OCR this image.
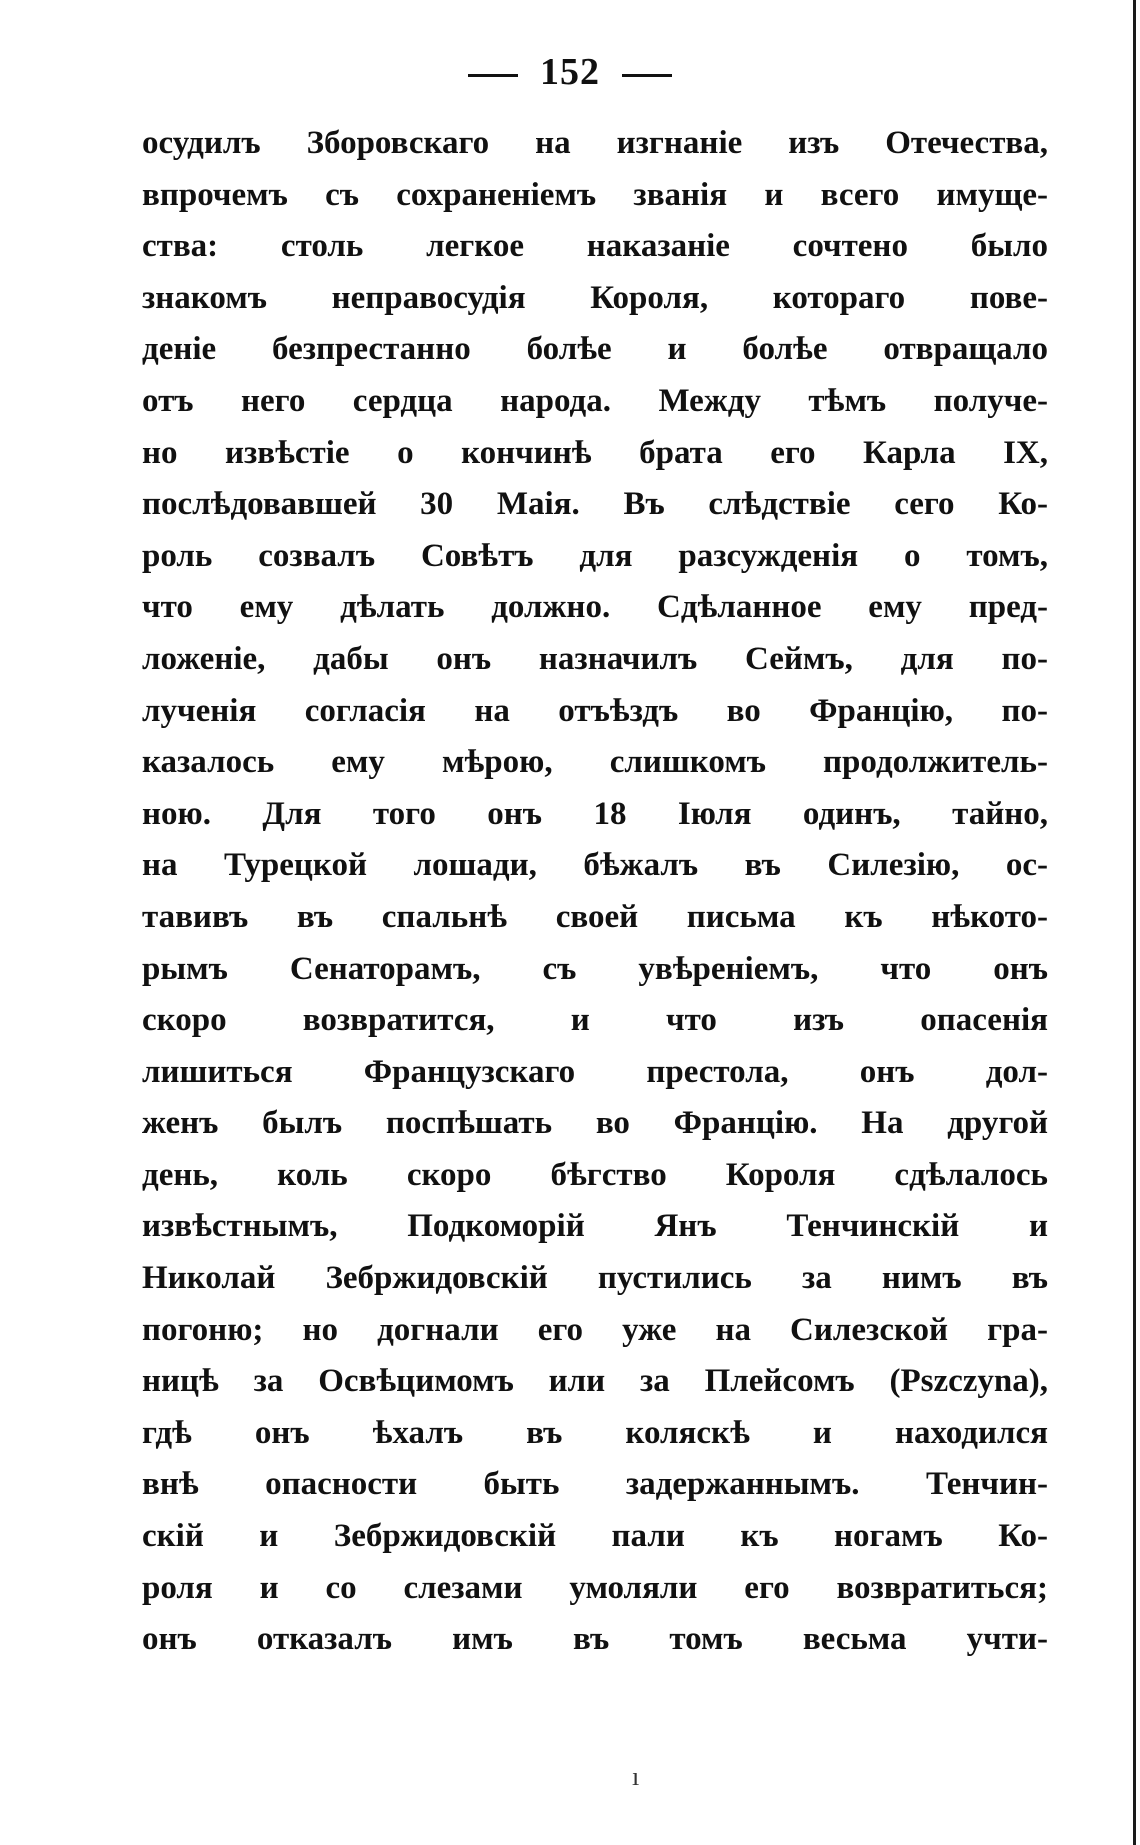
152
осудилъ Зборовскаго на изгнаніе изъ Отечества,
впрочемъ съ сохраненіемъ званія и всего имуще-
ства: столь легкое наказаніе сочтено было
знакомъ неправосудія Короля, котораго пове-
деніе безпрестанно болѣе и болѣе отвращало
отъ него сердца народа. Между тѣмъ получе-
но извѣстіе о кончинѣ брата его Карла IX,
послѣдовавшей 30 Маія. Въ слѣдствіе сего Ко-
роль созвалъ Совѣтъ для разсужденія о томъ,
что ему дѣлать должно. Сдѣланное ему пред-
ложеніе, дабы онъ назначилъ Сеймъ, для по-
лученія согласія на отъѣздъ во Францію, по-
казалось ему мѣрою, слишкомъ продолжитель-
ною. Для того онъ 18 Іюля одинъ, тайно,
на Турецкой лошади, бѣжалъ въ Силезію, ос-
тавивъ въ спальнѣ своей письма къ нѣкото-
рымъ Сенаторамъ, съ увѣреніемъ, что онъ
скоро возвратится, и что изъ опасенія
лишиться Французскаго престола, онъ дол-
женъ былъ поспѣшать во Францію. На другой
день, коль скоро бѣгство Короля сдѣлалось
извѣстнымъ, Подкоморій Янъ Тенчинскій и
Николай Зебржидовскій пустились за нимъ въ
погоню; но догнали его уже на Силезской гра-
ницѣ за Освѣцимомъ или за Плейсомъ (Pszczyna),
гдѣ онъ ѣхалъ въ коляскѣ и находился
внѣ опасности быть задержаннымъ. Тенчин-
скій и Зебржидовскій пали къ ногамъ Ко-
роля и со слезами умоляли его возвратиться;
онъ отказалъ имъ въ томъ весьма учти-
ı
